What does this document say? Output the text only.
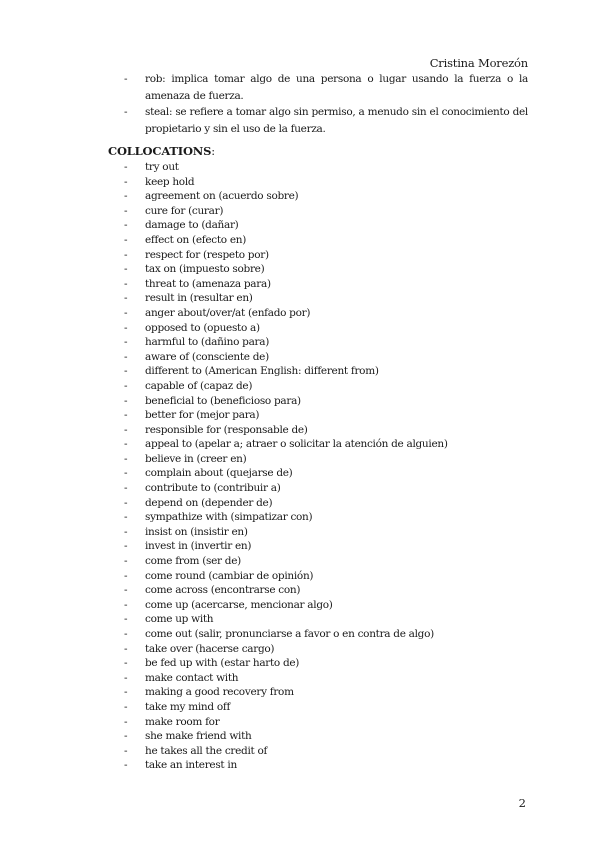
Cristina Morezón
- rob: implica tomar algo de una persona o lugar usando la fuerza o la amenaza de fuerza.
- steal: se refiere a tomar algo sin permiso, a menudo sin el conocimiento del propietario y sin el uso de la fuerza.
COLLOCATIONS:
- try out
- keep hold
- agreement on (acuerdo sobre)
- cure for (curar)
- damage to (dañar)
- effect on (efecto en)
- respect for (respeto por)
- tax on (impuesto sobre)
- threat to (amenaza para)
- result in (resultar en)
- anger about/over/at (enfado por)
- opposed to (opuesto a)
- harmful to (dañino para)
- aware of (consciente de)
- different to (American English: different from)
- capable of (capaz de)
- beneficial to (beneficioso para)
- better for (mejor para)
- responsible for (responsable de)
- appeal to (apelar a; atraer o solicitar la atención de alguien)
- believe in (creer en)
- complain about (quejarse de)
- contribute to (contribuir a)
- depend on (depender de)
- sympathize with (simpatizar con)
- insist on (insistir en)
- invest in (invertir en)
- come from (ser de)
- come round (cambiar de opinión)
- come across (encontrarse con)
- come up (acercarse, mencionar algo)
- come up with
- come out (salir, pronunciarse a favor o en contra de algo)
- take over (hacerse cargo)
- be fed up with (estar harto de)
- make contact with
- making a good recovery from
- take my mind off
- make room for
- she make friend with
- he takes all the credit of
- take an interest in
2
